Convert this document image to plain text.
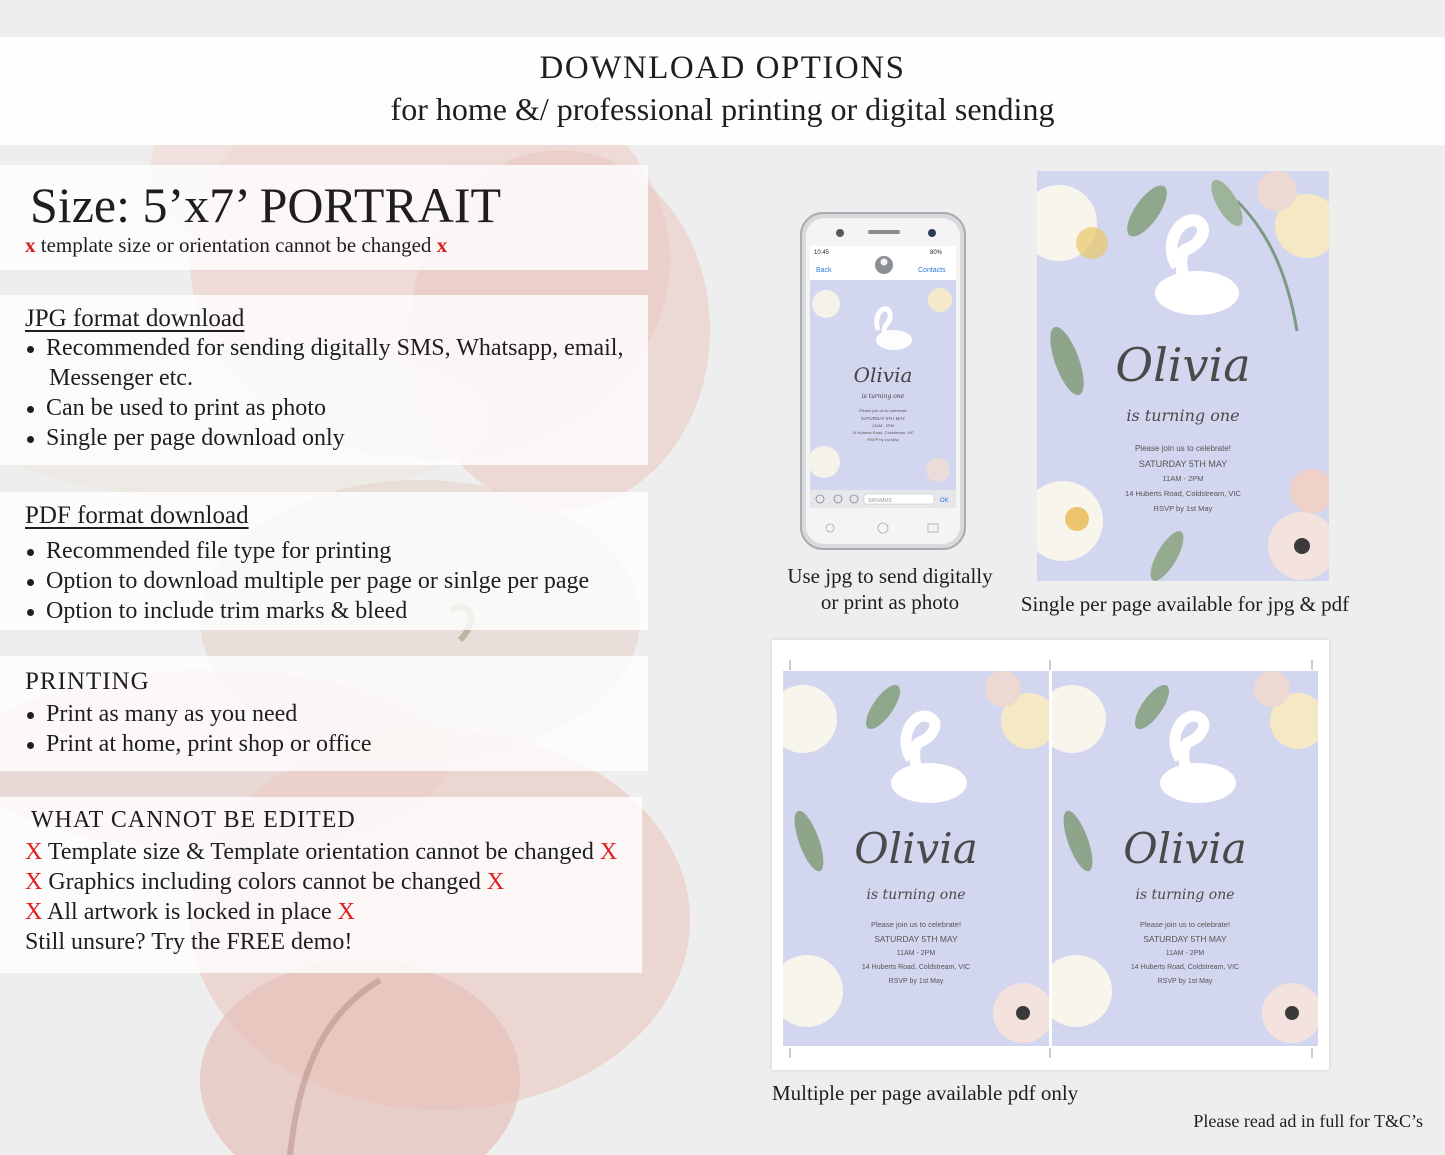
DOWNLOAD OPTIONS
for home &/ professional printing or digital sending
Size: 5’x7’ PORTRAIT
x template size or orientation cannot be changed x
JPG format download
Recommended for sending digitally SMS, Whatsapp, email,
Messenger etc.
Can be used to print as photo
Single per page download only
PDF format download
Recommended file type for printing
Option to download multiple per page or sinlge per page
Option to include trim marks & bleed
PRINTING
Print as many as you need
Print at home, print shop or office
WHAT CANNOT BE EDITED
X Template size & Template orientation cannot be changed X
X Graphics including colors cannot be changed X
X All artwork is locked in place X
Still unsure? Try the FREE demo!
10:45	80%
Back	Contacts
Olivia
is turning one
Please join us to celebrate!
SATURDAY 5TH MAY
11AM - 2PM
14 Huberts Road, Coldstream, VIC
RSVP by 1st May
SMS/MMS	OK
Use jpg to send digitally
or print as photo
Olivia
is turning one
Please join us to celebrate!
SATURDAY 5TH MAY
11AM - 2PM
14 Huberts Road, Coldstream, VIC
RSVP by 1st May
Single per page available for jpg & pdf
Olivia
is turning one
Please join us to celebrate!
SATURDAY 5TH MAY
11AM - 2PM
14 Huberts Road, Coldstream, VIC
RSVP by 1st May
Olivia
is turning one
Please join us to celebrate!
SATURDAY 5TH MAY
11AM - 2PM
14 Huberts Road, Coldstream, VIC
RSVP by 1st May
Multiple per page available pdf only
Please read ad in full for T&C’s
